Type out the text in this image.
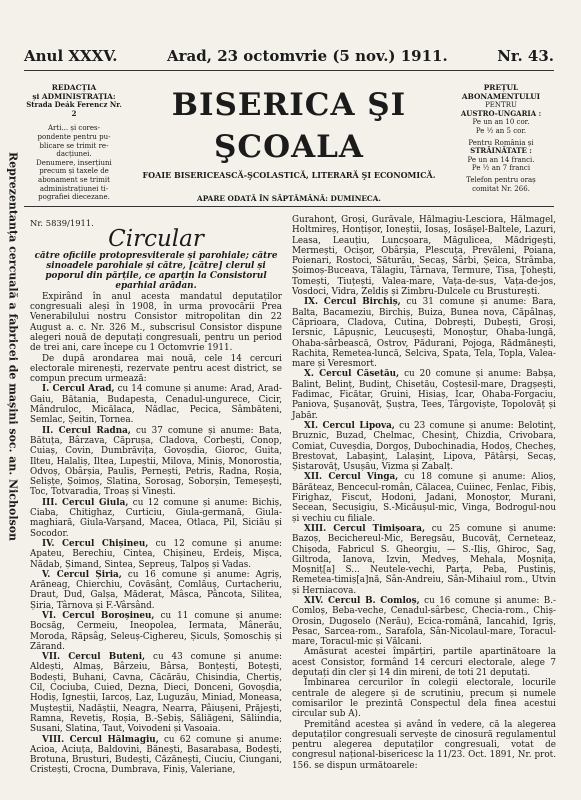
Anul XXXV.	Arad, 23 octomvrie (5 nov.) 1911.	Nr. 43.
REDACȚIA
și ADMINISTRAȚIA:
Strada Deák Ferencz Nr. 2
Arti... și cores-
pondente pentru pu-
blicare se trimit re-
dacțiunei.
Denumere, inserțiuni
precum și taxele de
abonament se trimit
administrațiunei ti-
pografiei diecezane.
BISERICA ŞI ŞCOALA
FOAIE BISERICEASCĂ-ŞCOLASTICĂ, LITERARĂ ŞI ECONOMICĂ.
APARE ODATĂ ÎN SĂPTĂMÂNĂ: DUMINECA.
PREȚUL
ABONAMENTULUI
PENTRU
AUSTRO-UNGARIA :
Pe un an 10 cor.
Pe ½ an 5 cor.
Pentru România și
STRĂINĂTATE :
Pe un an 14 franci.
Pe ½ an 7 franci
Telefon pentru oraș
comitat Nr. 266.
Reprezentanța cercuală a fabricei de mașini soc. an. Nicholson Nr. 5839/1911.

Circular

către oficiile protopresviterale și parohiale; către sinoadele parohiale și către, [către] clerul și poporul din părțile, ce aparțin la Consistorul eparhial arădan.

Expirând în anul acesta mandatul deputaților congresuali aleși în 1908, în urma provocării Prea Venerabilului nostru Consistor mitropolitan din 22 August a. c. Nr. 326 M., subscrisul Consistor dispune alegeri nouă de deputați congresuali, pentru un period de trei ani, care începe cu 1 Octomvrie 1911.

De după arondarea mai nouă, cele 14 cercuri electorale mirenești, rezervate pentru acest district, se compun precum urmează:

I. Cercul Arad, cu 14 comune și anume: Arad, Arad-Gaiu, Bătania, Budapesta, Cenadul-ungurece, Cicir, Mândruloc, Micălaca, Nădlac, Pecica, Sâmbăteni, Semlac, Șeitin, Tornea.

II. Cercul Radna, cu 37 comune și anume: Bata, Bătuța, Bârzava, Căprușa, Cladova, Corbești, Conop, Cuiaș, Covin, Dumbrăvița, Govoșdia, Gioroc, Guita, Ilteu, Halaliș, Iltea, Lupeștii, Milova, Miniș, Monorostia, Odvoș, Obârșia, Paulis, Pernești, Petris, Radna, Roșia, Selișțe, Șoimoș, Slatina, Sorosag, Soborșin, Temeșești, Toc, Totvaradia, Troaș și Vinești.

III. Cercul Giula, cu 12 comune și anume: Bichiș, Ciaba, Chitighaz, Curticiu, Giula-germană, Giula-maghiară, Giula-Varșand, Macea, Otlaca, Pil, Siciău și Socodor.

IV. Cercul Chișineu, cu 12 comune și anume: Apateu, Berechiu, Cintea, Chișineu, Erdeiș, Mișca, Nădab, Șimand, Sintea, Sepreuș, Talpoș și Vadas.

V. Cercul Șiria, cu 16 comune și anume: Agriș, Arăneag, Chierchiu, Covăsânț, Comlăuș, Curtacheriu, Draut, Dud, Galșa, Măderat, Mâsca, Pâncota, Silitea, Șiria, Târnova și F.-Vârsând.

VI. Cercul Boroșineu, cu 11 comune și anume: Bocsăg, Cermeiu, Ineopolea, Iermata, Mânerău, Moroda, Răpsâg, Seleuș-Cighereu, Șiculs, Șomoschiș și Zărand.

VII. Cercul Buteni, cu 43 comune și anume: Aldești, Almaș, Bârzeiu, Bârsa, Bonțești, Botești, Bodești, Buhani, Cavna, Căcărău, Chisindia, Chertiș, Cil, Cociuba, Cuied, Dezna, Dieci, Donceni, Govoșdia, Hodiș, Igneștii, Iarcoș, Laz, Luguzău, Miniad, Moneasa, Mușteștii, Nadăștii, Neagra, Nearra, Pâiușeni, Prăjești, Ramna, Revetiș, Roșia, B.-Șebiș, Săliăgeni, Săliindia, Susani, Slatina, Taut, Voivodeni și Vasoaia.

VIII. Cercul Hălmagiu, cu 62 comune și anume: Acioa, Aciuța, Baldovini, Bănești, Basarabasa, Bodești, Brotuna, Brusturi, Budești, Căzănești, Ciuciu, Ciungani, Cristești, Crocna, Dumbrava, Finiș, Valeriane,

Gurahonț, Groși, Gurăvale, Hălmagiu-Lesciora, Hălmagel, Holtmireș, Honțișor, Ioneștii, Iosaș, Iosășel-Baltele, Lazuri, Leasa, Leauțiu, Luncșoara, Măgulicea, Mădrigești, Mermești, Ocișor, Obârșia, Plescuța, Prevăleni, Poiana, Poienari, Rostoci, Săturău, Secaș, Sârbi, Șeica, Strâmba, Șoimoș-Buceava, Tălagiu, Târnava, Termure, Tisa, Ţohești, Tomești, Tiuțești, Valea-mare, Vața-de-sus, Vața-de-jos, Vosdoci, Vidra, Zeldiș și Zimbru-Dulcele cu Brusturești.

IX. Cercul Birchiș, cu 31 comune și anume: Bara, Balta, Bacameziu, Birchiș, Buiza, Bunea nova, Căpâlnaș, Căprioara, Cladova, Cutina, Dobrești, Dubești, Groși, Iersnic, Lăpușnic, Leucușești, Monoștur, Ohaba-lungă, Ohaba-sârbească, Ostrov, Pădurani, Pojoga, Rădmănești, Rachita, Remetea-luncă, Selciva, Spata, Tela, Topla, Valea-mare și Veresmort.

X. Cercul Căsetău, cu 20 comune și anume: Babșa, Balint, Belinț, Budinț, Chisetău, Coștesil-mare, Dragșești, Fadimac, Ficătar, Gruini, Hisiaș, Icar, Ohaba-Forgaciu, Paniova, Șușanovăț, Șuștra, Tees, Târgoviște, Topolovăț și Jabăr.

XI. Cercul Lipova, cu 23 comune și anume: Belotinț, Bruznic, Buzad, Chelmac, Chesinț, Chizdia, Crivobara, Comiat, Cuveșdia, Dorgoș, Dubochinadia, Hodoș, Checheș, Brestovat, Labașinț, Lalașinț, Lipova, Pătârși, Secaș, Șistarovăț, Usușău, Vizma și Zabalț.

XII. Cercul Vinga, cu 18 comune și anume: Alioș, Bărăteaz, Bencecul-român, Călacea, Cuiinec, Fenlac, Fibiș, Firighaz, Fiscut, Hodoni, Jadani, Monoștor, Murani, Secean, Secușigiu, S.-Micăușul-mic, Vinga, Bodrogul-nou și vechiu cu filiale.

XIII. Cercul Timișoara, cu 25 comune și anume: Bazoș, Becichereul-Mic, Beregsău, Bucovăț, Cerneteaz, Chișoda, Fabricul S. Gheorgiu, — S.-Iliș, Ghiroc, Sag, Giltroda, Ianova, Izvin, Medveș, Mehala, Moșnița, Moșniț[a] S... Neutele-vechi, Parța, Peba, Pustiniș, Remetea-timiș[a]nă, Sân-Andreiu, Sân-Mihaiul rom., Utvin și Herniacova.

XIV. Cercul B. Comloș, cu 16 comune și anume: B.-Comloș, Beba-veche, Cenadul-sârbesc, Checia-rom., Chiș-Orosin, Dugoselo (Nerău), Ecica-română, Iancahid, Igriș, Pesac, Sarcea-rom., Sarafola, Sân-Nicolaul-mare, Toracul-mare, Toracul-mic și Vălcani.

Amăsurat acestei împărțiri, partile apartinătoare la acest Consistor, formând 14 cercuri electorale, alege 7 deputați din cler și 14 din mireni, de toti 21 deputați.

Îmbinarea cercurilor în colegii electorale, locurile centrale de alegere și de scrutiniu, precum și numele comisarilor le prezintă Conspectul dela finea acestui circular sub A).

Premitând acestea și având în vedere, că la alegerea deputaților congresuali servește de cinosură regulamentul pentru alegerea deputaților congresuali, votat de congresul național-bisericesc la 11/23. Oct. 1891, Nr. prot. 156. se dispun următoarele:
